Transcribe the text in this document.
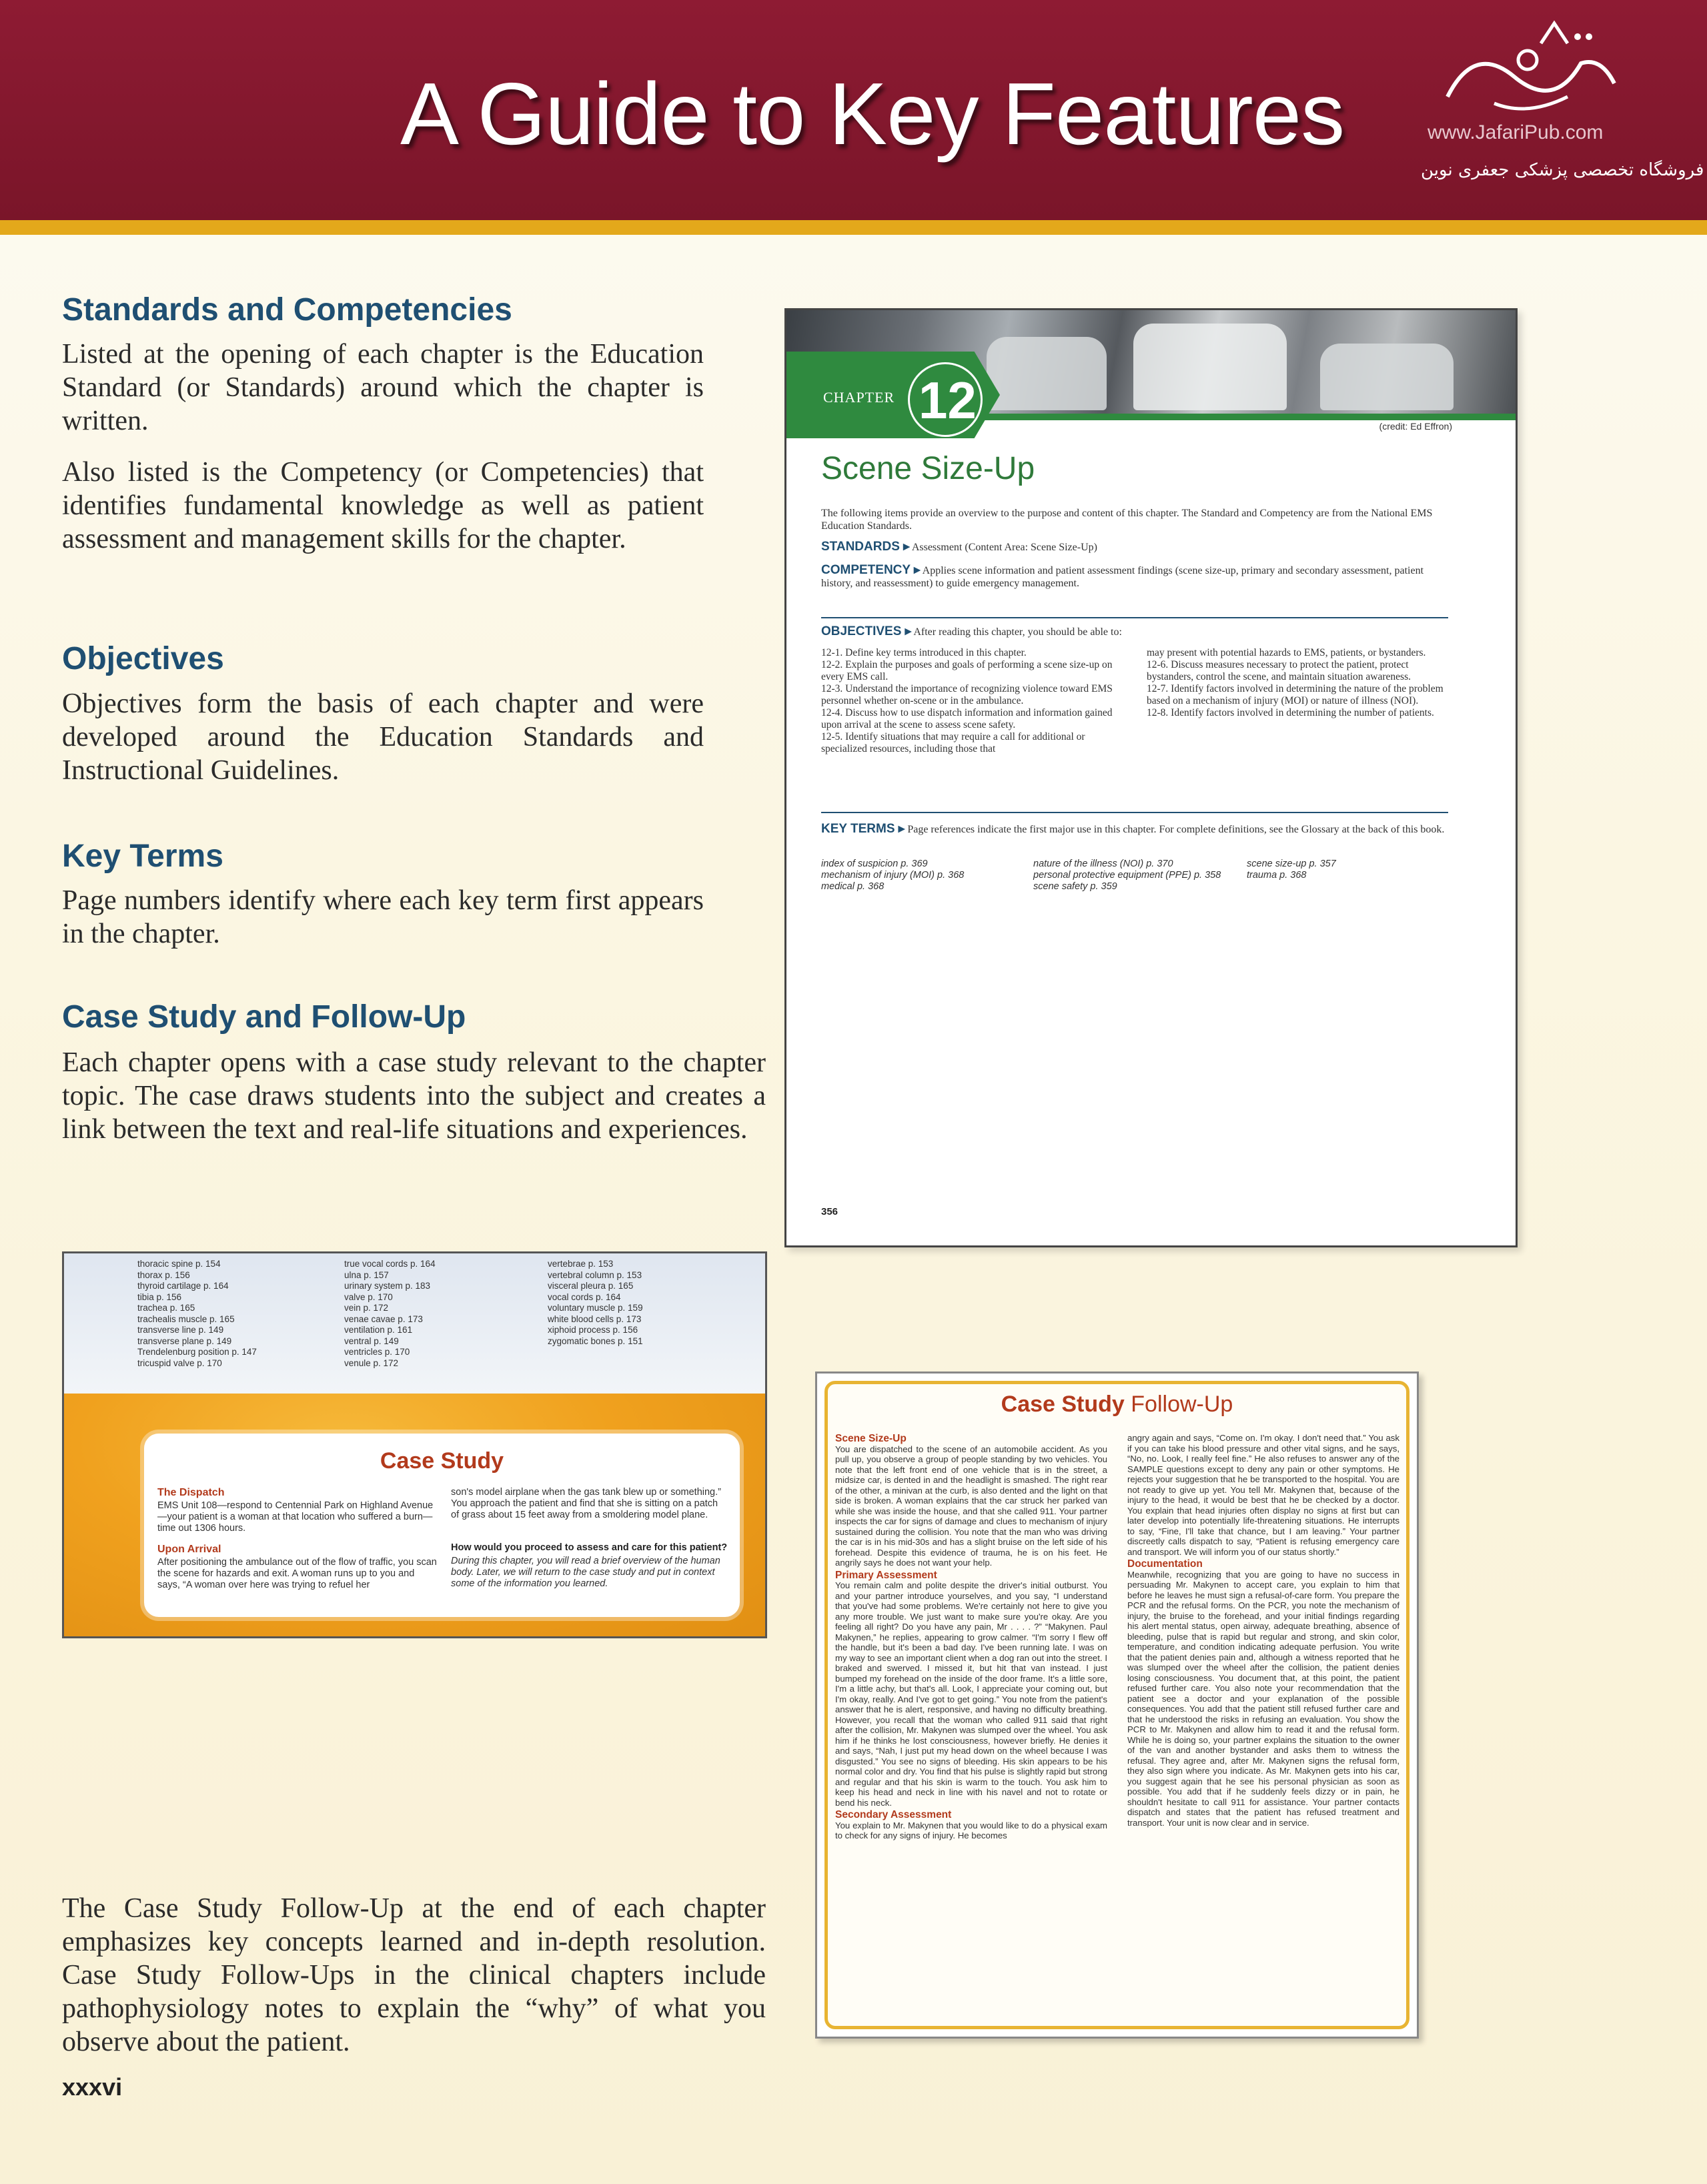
A Guide to Key Features	www.JafariPub.com
فروشگاه تخصصی پزشکی جعفری نوین
Standards and Competencies
Listed at the opening of each chapter is the Education Standard (or Standards) around which the chapter is written.
Also listed is the Competency (or Competencies) that identifies fundamental knowledge as well as patient assessment and management skills for the chapter.
Objectives
Objectives form the basis of each chapter and were developed around the Education Standards and Instructional Guidelines.
Key Terms
Page numbers identify where each key term first appears in the chapter.
Case Study and Follow-Up
Each chapter opens with a case study relevant to the chapter topic. The case draws students into the subject and creates a link between the text and real-life situations and experiences.
The Case Study Follow-Up at the end of each chapter emphasizes key concepts learned and in-depth resolution. Case Study Follow-Ups in the clinical chapters include pathophysiology notes to explain the “why” of what you observe about the patient.
xxxvi
CHAPTER 12	(credit: Ed Effron)
Scene Size-Up
The following items provide an overview to the purpose and content of this chapter. The Standard and Competency are from the National EMS Education Standards.
STANDARDS ▸ Assessment (Content Area: Scene Size-Up)
COMPETENCY ▸ Applies scene information and patient assessment findings (scene size-up, primary and secondary assessment, patient history, and reassessment) to guide emergency management.
OBJECTIVES ▸ After reading this chapter, you should be able to:
12-1. Define key terms introduced in this chapter.
12-2. Explain the purposes and goals of performing a scene size-up on every EMS call.
12-3. Understand the importance of recognizing violence toward EMS personnel whether on-scene or in the ambulance.
12-4. Discuss how to use dispatch information and information gained upon arrival at the scene to assess scene safety.
12-5. Identify situations that may require a call for additional or specialized resources, including those that
may present with potential hazards to EMS, patients, or bystanders.
12-6. Discuss measures necessary to protect the patient, protect bystanders, control the scene, and maintain situation awareness.
12-7. Identify factors involved in determining the nature of the problem based on a mechanism of injury (MOI) or nature of illness (NOI).
12-8. Identify factors involved in determining the number of patients.
KEY TERMS ▸ Page references indicate the first major use in this chapter. For complete definitions, see the Glossary at the back of this book.
index of suspicion p. 369
mechanism of injury (MOI) p. 368
medical p. 368
nature of the illness (NOI) p. 370
personal protective equipment (PPE) p. 358
scene safety p. 359
scene size-up p. 357
trauma p. 368
356
thoracic spine p. 154
thorax p. 156
thyroid cartilage p. 164
tibia p. 156
trachea p. 165
trachealis muscle p. 165
transverse line p. 149
transverse plane p. 149
Trendelenburg position p. 147
tricuspid valve p. 170
true vocal cords p. 164
ulna p. 157
urinary system p. 183
valve p. 170
vein p. 172
venae cavae p. 173
ventilation p. 161
ventral p. 149
ventricles p. 170
venule p. 172
vertebrae p. 153
vertebral column p. 153
visceral pleura p. 165
vocal cords p. 164
voluntary muscle p. 159
white blood cells p. 173
xiphoid process p. 156
zygomatic bones p. 151
Case Study
The Dispatch
EMS Unit 108—respond to Centennial Park on Highland Avenue—your patient is a woman at that location who suffered a burn—time out 1306 hours.
Upon Arrival
After positioning the ambulance out of the flow of traffic, you scan the scene for hazards and exit. A woman runs up to you and says, “A woman over here was trying to refuel her
son's model airplane when the gas tank blew up or something.” You approach the patient and find that she is sitting on a patch of grass about 15 feet away from a smoldering model plane.
How would you proceed to assess and care for this patient?
During this chapter, you will read a brief overview of the human body. Later, we will return to the case study and put in context some of the information you learned.
Case Study Follow-Up
Scene Size-Up
You are dispatched to the scene of an automobile accident. As you pull up, you observe a group of people standing by two vehicles. You note that the left front end of one vehicle that is in the street, a midsize car, is dented in and the headlight is smashed. The right rear of the other, a minivan at the curb, is also dented and the light on that side is broken. A woman explains that the car struck her parked van while she was inside the house, and that she called 911. Your partner inspects the car for signs of damage and clues to mechanism of injury sustained during the collision. You note that the man who was driving the car is in his mid-30s and has a slight bruise on the left side of his forehead. Despite this evidence of trauma, he is on his feet. He angrily says he does not want your help.
Primary Assessment
You remain calm and polite despite the driver's initial outburst. You and your partner introduce yourselves, and you say, “I understand that you've had some problems. We're certainly not here to give you any more trouble. We just want to make sure you're okay. Are you feeling all right? Do you have any pain, Mr . . . . ?” “Makynen. Paul Makynen,” he replies, appearing to grow calmer. “I'm sorry I flew off the handle, but it's been a bad day. I've been running late. I was on my way to see an important client when a dog ran out into the street. I braked and swerved. I missed it, but hit that van instead. I just bumped my forehead on the inside of the door frame. It's a little sore, I'm a little achy, but that's all. Look, I appreciate your coming out, but I'm okay, really. And I've got to get going.” You note from the patient's answer that he is alert, responsive, and having no difficulty breathing. However, you recall that the woman who called 911 said that right after the collision, Mr. Makynen was slumped over the wheel. You ask him if he thinks he lost consciousness, however briefly. He denies it and says, “Nah, I just put my head down on the wheel because I was disgusted.” You see no signs of bleeding. His skin appears to be his normal color and dry. You find that his pulse is slightly rapid but strong and regular and that his skin is warm to the touch. You ask him to keep his head and neck in line with his navel and not to rotate or bend his neck.
Secondary Assessment
You explain to Mr. Makynen that you would like to do a physical exam to check for any signs of injury. He becomes
angry again and says, “Come on. I'm okay. I don't need that.” You ask if you can take his blood pressure and other vital signs, and he says, “No, no. Look, I really feel fine.” He also refuses to answer any of the SAMPLE questions except to deny any pain or other symptoms. He rejects your suggestion that he be transported to the hospital. You are not ready to give up yet. You tell Mr. Makynen that, because of the injury to the head, it would be best that he be checked by a doctor. You explain that head injuries often display no signs at first but can later develop into potentially life-threatening situations. He interrupts to say, “Fine, I'll take that chance, but I am leaving.” Your partner discreetly calls dispatch to say, “Patient is refusing emergency care and transport. We will inform you of our status shortly.”
Documentation
Meanwhile, recognizing that you are going to have no success in persuading Mr. Makynen to accept care, you explain to him that before he leaves he must sign a refusal-of-care form. You prepare the PCR and the refusal forms. On the PCR, you note the mechanism of injury, the bruise to the forehead, and your initial findings regarding his alert mental status, open airway, adequate breathing, absence of bleeding, pulse that is rapid but regular and strong, and skin color, temperature, and condition indicating adequate perfusion. You write that the patient denies pain and, although a witness reported that he was slumped over the wheel after the collision, the patient denies losing consciousness. You document that, at this point, the patient refused further care. You also note your recommendation that the patient see a doctor and your explanation of the possible consequences. You add that the patient still refused further care and that he understood the risks in refusing an evaluation. You show the PCR to Mr. Makynen and allow him to read it and the refusal form. While he is doing so, your partner explains the situation to the owner of the van and another bystander and asks them to witness the refusal. They agree and, after Mr. Makynen signs the refusal form, they also sign where you indicate. As Mr. Makynen gets into his car, you suggest again that he see his personal physician as soon as possible. You add that if he suddenly feels dizzy or in pain, he shouldn't hesitate to call 911 for assistance. Your partner contacts dispatch and states that the patient has refused treatment and transport. Your unit is now clear and in service.
